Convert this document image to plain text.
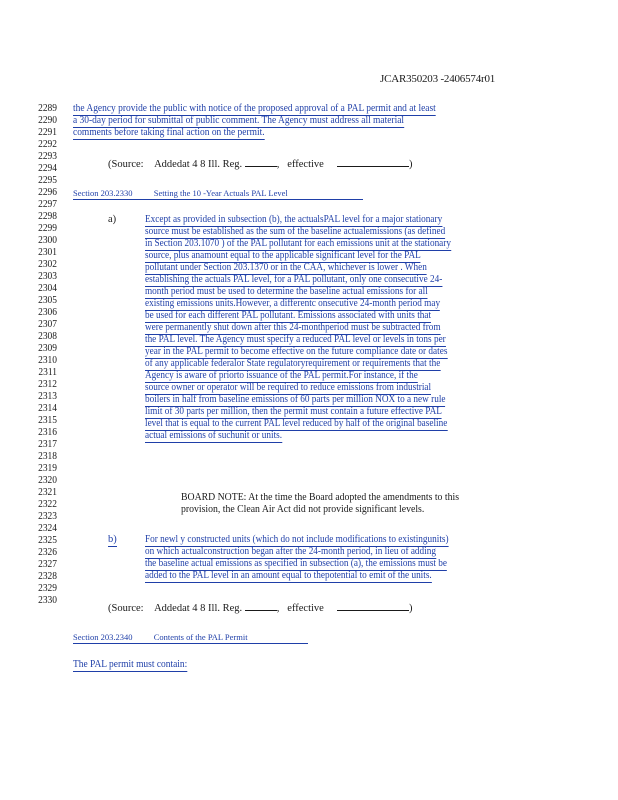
JCAR350203 -2406574r01
2289
2290
2291
2292
2293
2294
2295
2296
2297
2298
2299
2300
2301
2302
2303
2304
2305
2306
2307
2308
2309
2310
2311
2312
2313
2314
2315
2316
2317
2318
2319
2320
2321
2322
2323
2324
2325
2326
2327
2328
2329
2330
the Agency provide the public with notice of the proposed approval of a PAL permit and at least
a 30-day period for submittal of public comment. The Agency must address all material
comments before taking final action on the permit.
(Source: Addedat 4 8 Ill. Reg.	, effective	)
Section 203.2330	Setting the 10 -Year Actuals PAL Level
a)	Except as provided in subsection (b), the actualsPAL level for a major stationary
source must be established as the sum of the baseline actualemissions (as defined
in Section 203.1070 ) of the PAL pollutant for each emissions unit at the stationary
source, plus anamount equal to the applicable significant level for the PAL
pollutant under Section 203.1370 or in the CAA, whichever is lower . When
establishing the actuals PAL level, for a PAL pollutant, only one consecutive 24-
month period must be used to determine the baseline actual emissions for all
existing emissions units.However, a differentc onsecutive 24-month period may
be used for each different PAL pollutant. Emissions associated with units that
were permanently shut down after this 24-monthperiod must be subtracted from
the PAL level. The Agency must specify a reduced PAL level or levels in tons per
year in the PAL permit to become effective on the future compliance date or dates
of any applicable federalor State regulatoryrequirement or requirements that the
Agency is aware of priorto issuance of the PAL permit.For instance, if the
source owner or operator will be required to reduce emissions from industrial
boilers in half from baseline emissions of 60 parts per million NOX to a new rule
limit of 30 parts per million, then the permit must contain a future effective PAL
level that is equal to the current PAL level reduced by half of the original baseline
actual emissions of suchunit or units.
BOARD NOTE: At the time the Board adopted the amendments to this
provision, the Clean Air Act did not provide significant levels.
b)	For newl y constructed units (which do not include modifications to existingunits)
on which actualconstruction began after the 24-month period, in lieu of adding
the baseline actual emissions as specified in subsection (a), the emissions must be
added to the PAL level in an amount equal to thepotential to emit of the units.
(Source: Addedat 4 8 Ill. Reg.	, effective	)
Section 203.2340	Contents of the PAL Permit
The PAL permit must contain:
